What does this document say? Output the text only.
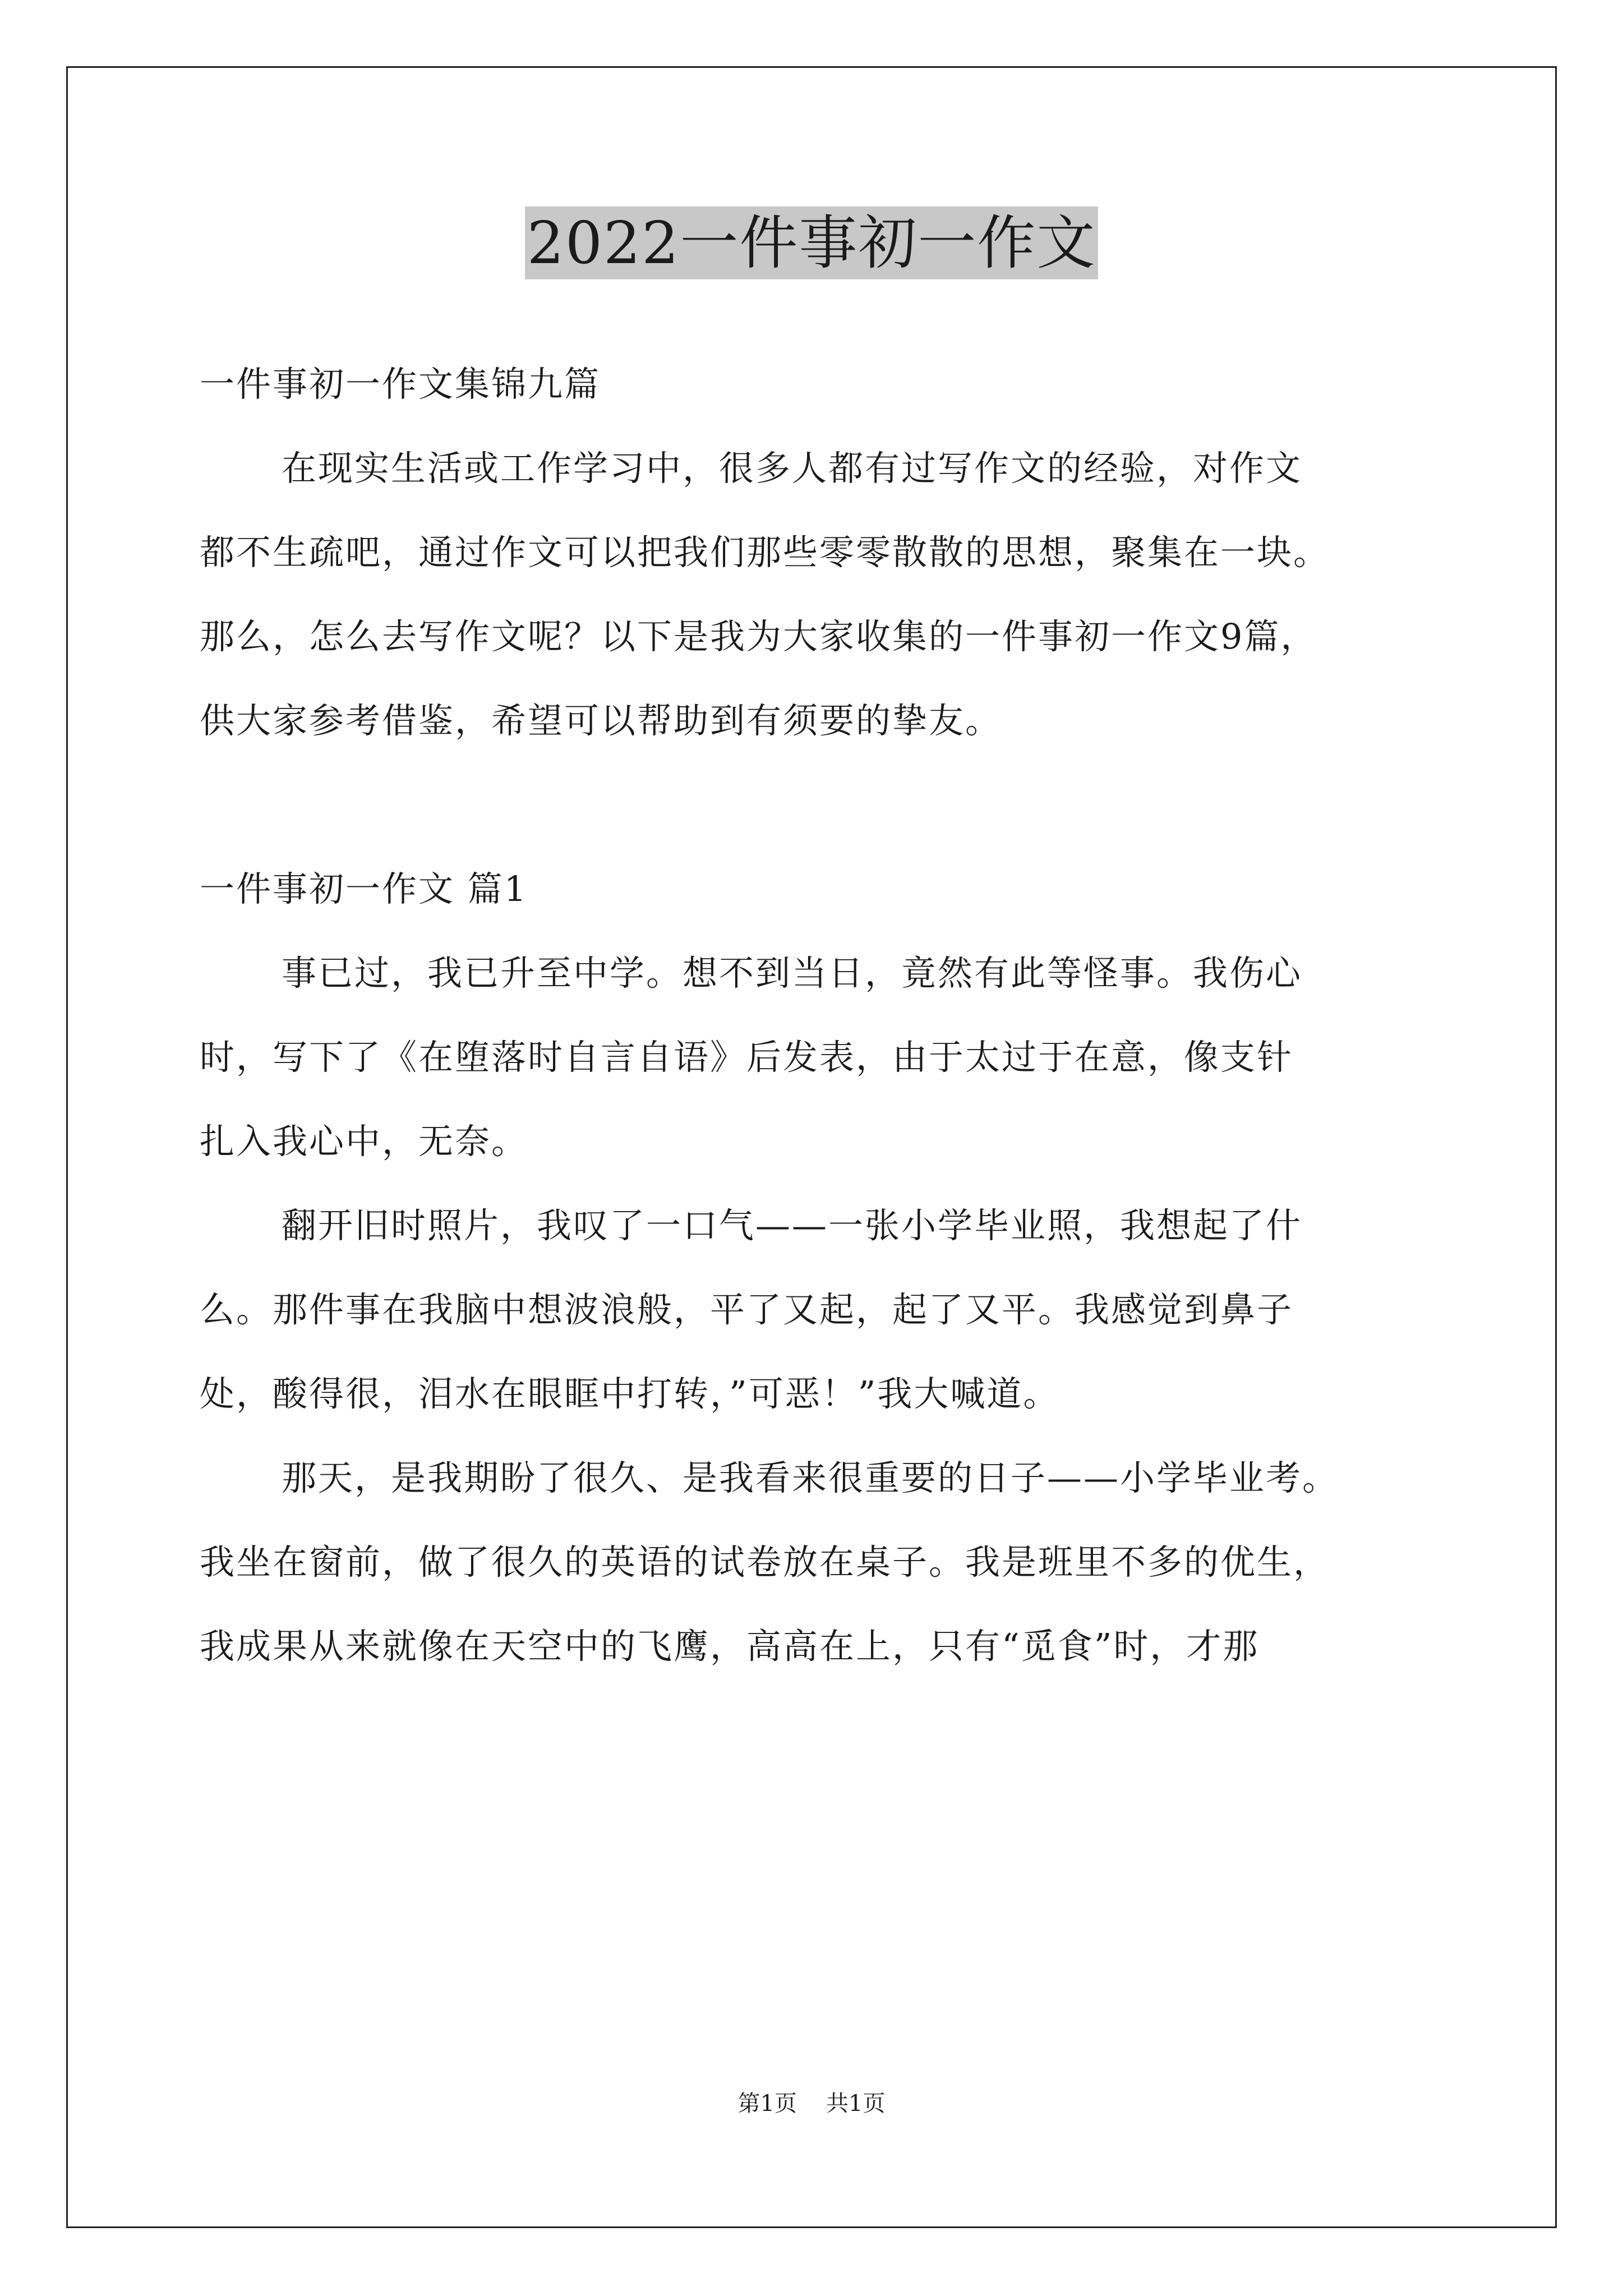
2022一件事初一作文
一件事初一作文集锦九篇
在现实生活或工作学习中，很多人都有过写作文的经验，对作文
都不生疏吧，通过作文可以把我们那些零零散散的思想，聚集在一块。
那么，怎么去写作文呢？以下是我为大家收集的一件事初一作文9篇，
供大家参考借鉴，希望可以帮助到有须要的挚友。
一件事初一作文 篇1
事已过，我已升至中学。想不到当日，竟然有此等怪事。我伤心
时，写下了《在堕落时自言自语》后发表，由于太过于在意，像支针
扎入我心中，无奈。
翻开旧时照片，我叹了一口气——一张小学毕业照，我想起了什
么。那件事在我脑中想波浪般，平了又起，起了又平。我感觉到鼻子
处，酸得很，泪水在眼眶中打转，”可恶！”我大喊道。
那天，是我期盼了很久、是我看来很重要的日子——小学毕业考。
我坐在窗前，做了很久的英语的试卷放在桌子。我是班里不多的优生，
我成果从来就像在天空中的飞鹰，高高在上，只有“觅食”时，才那
第1页 共1页
